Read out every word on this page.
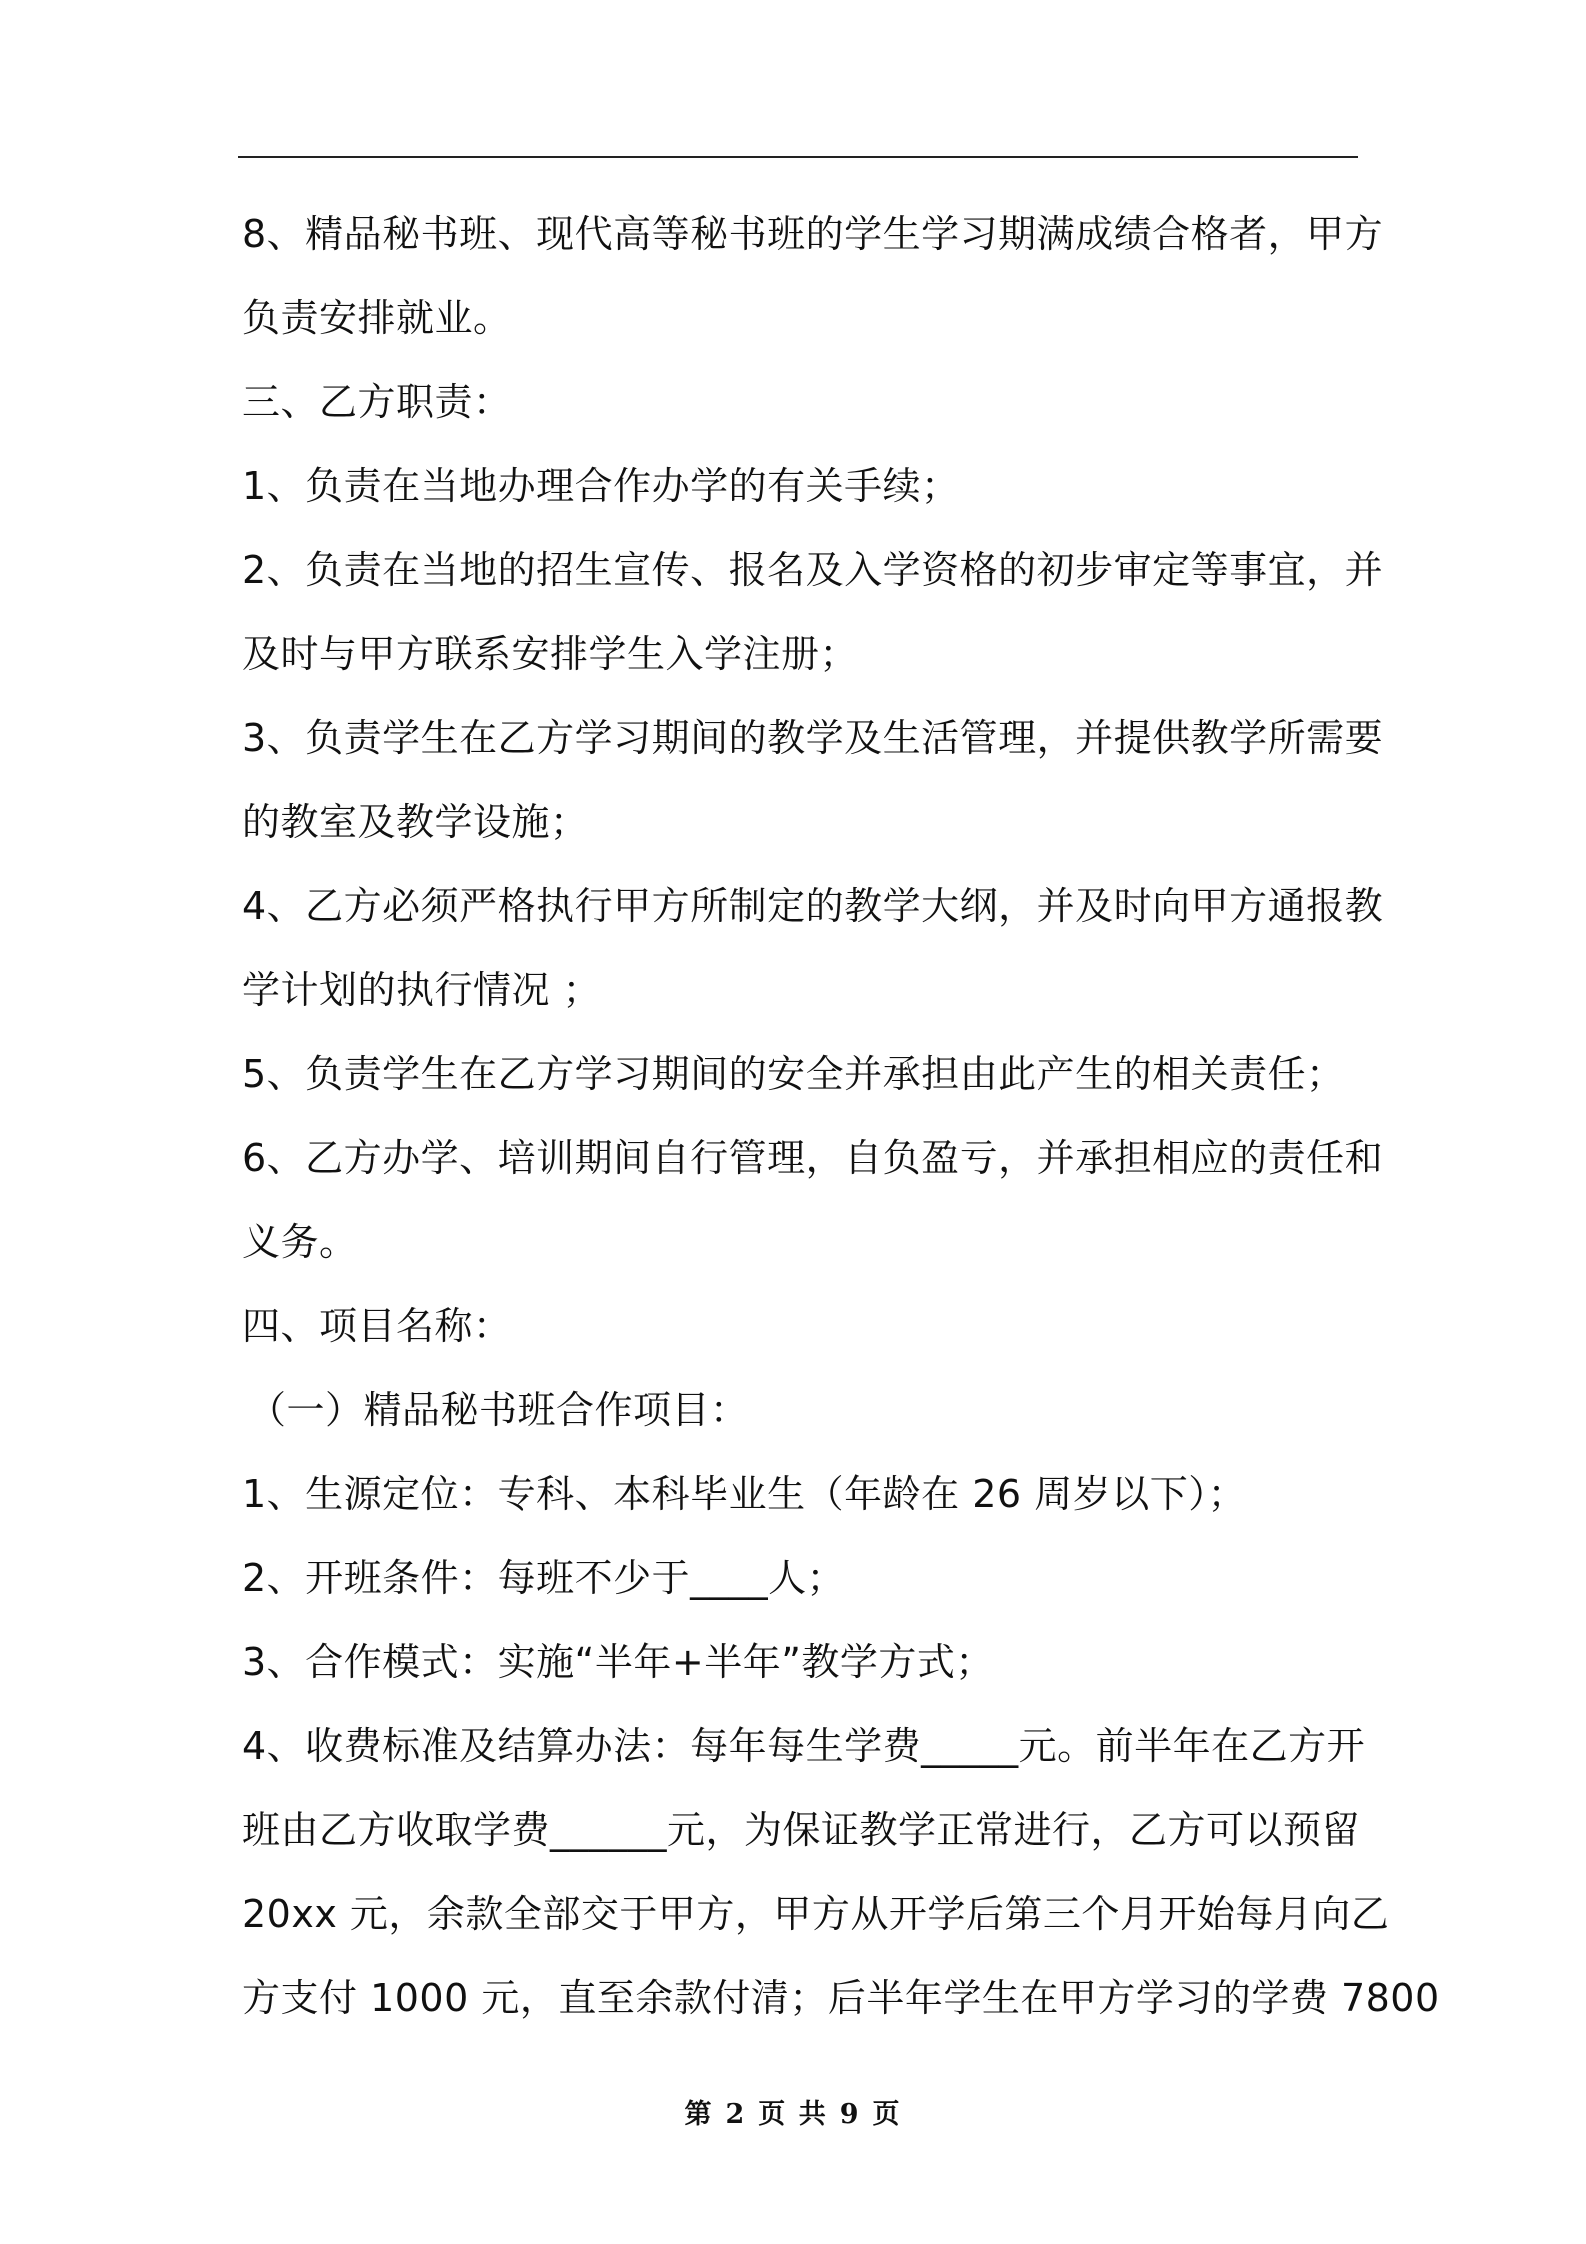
8、精品秘书班、现代高等秘书班的学生学习期满成绩合格者，甲方

负责安排就业。

三、乙方职责：

1、负责在当地办理合作办学的有关手续；

2、负责在当地的招生宣传、报名及入学资格的初步审定等事宜，并

及时与甲方联系安排学生入学注册；

3、负责学生在乙方学习期间的教学及生活管理，并提供教学所需要

的教室及教学设施；

4、乙方必须严格执行甲方所制定的教学大纲，并及时向甲方通报教

学计划的执行情况 ；

5、负责学生在乙方学习期间的安全并承担由此产生的相关责任；

6、乙方办学、培训期间自行管理，自负盈亏，并承担相应的责任和

义务。

四、项目名称：

（一）精品秘书班合作项目：

1、生源定位：专科、本科毕业生（年龄在 26 周岁以下）；

2、开班条件：每班不少于____人；

3、合作模式：实施“半年+半年”教学方式；

4、收费标准及结算办法：每年每生学费_____元。前半年在乙方开

班由乙方收取学费______元，为保证教学正常进行，乙方可以预留

20xx 元，余款全部交于甲方，甲方从开学后第三个月开始每月向乙

方支付 1000 元，直至余款付清；后半年学生在甲方学习的学费 7800

第 2 页 共 9 页
